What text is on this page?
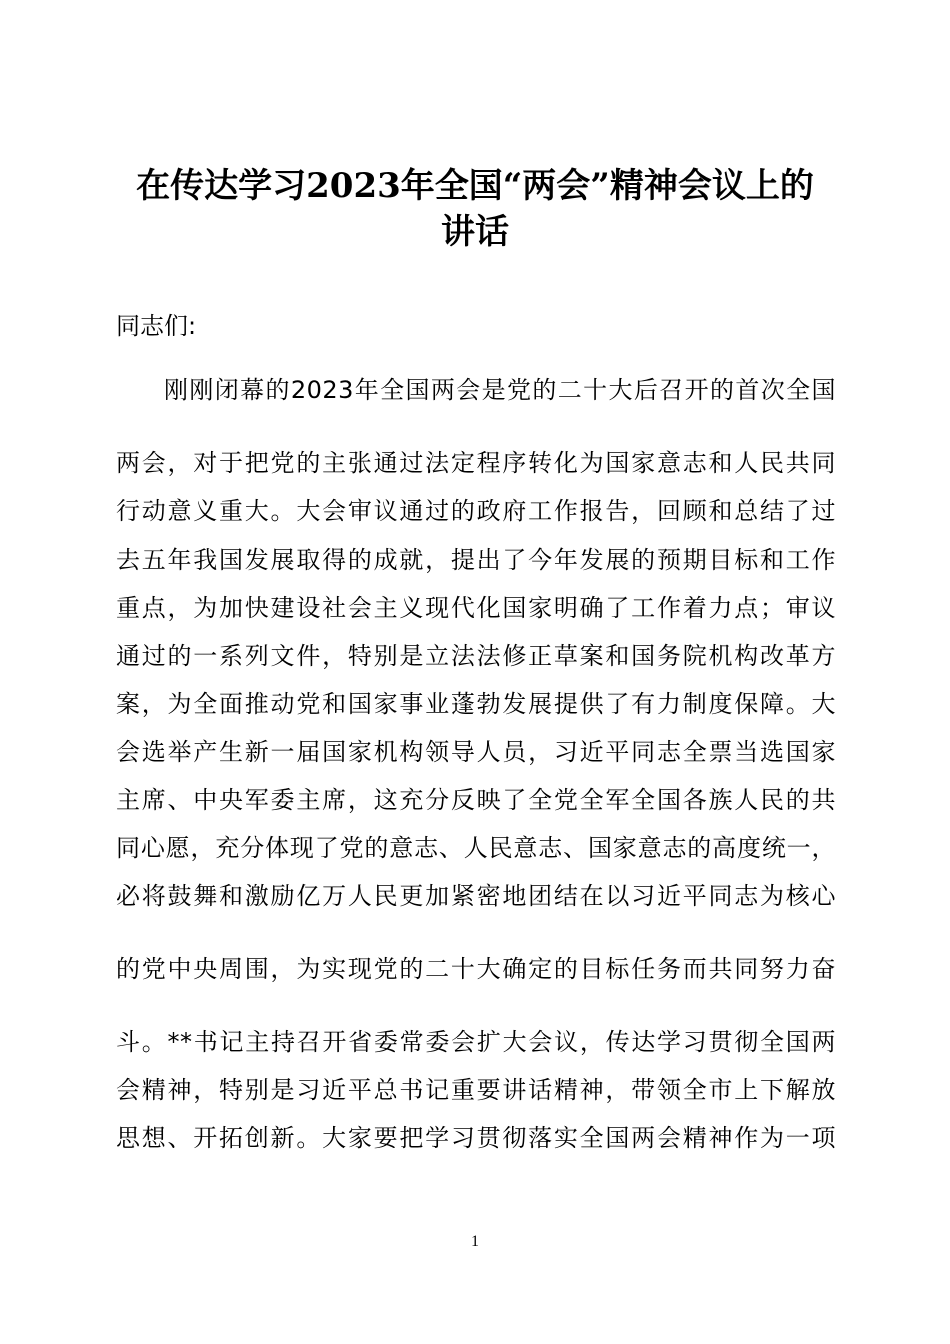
在传达学习2023年全国“两会”精神会议上的
讲话
同志们:
刚刚闭幕的2023年全国两会是党的二十大后召开的首次全国
两会，对于把党的主张通过法定程序转化为国家意志和人民共同
行动意义重大。大会审议通过的政府工作报告，回顾和总结了过
去五年我国发展取得的成就，提出了今年发展的预期目标和工作
重点，为加快建设社会主义现代化国家明确了工作着力点；审议
通过的一系列文件，特别是立法法修正草案和国务院机构改革方
案，为全面推动党和国家事业蓬勃发展提供了有力制度保障。大
会选举产生新一届国家机构领导人员，习近平同志全票当选国家
主席、中央军委主席，这充分反映了全党全军全国各族人民的共
同心愿，充分体现了党的意志、人民意志、国家意志的高度统一，
必将鼓舞和激励亿万人民更加紧密地团结在以习近平同志为核心
的党中央周围，为实现党的二十大确定的目标任务而共同努力奋
斗。**书记主持召开省委常委会扩大会议，传达学习贯彻全国两
会精神，特别是习近平总书记重要讲话精神，带领全市上下解放
思想、开拓创新。大家要把学习贯彻落实全国两会精神作为一项
1
